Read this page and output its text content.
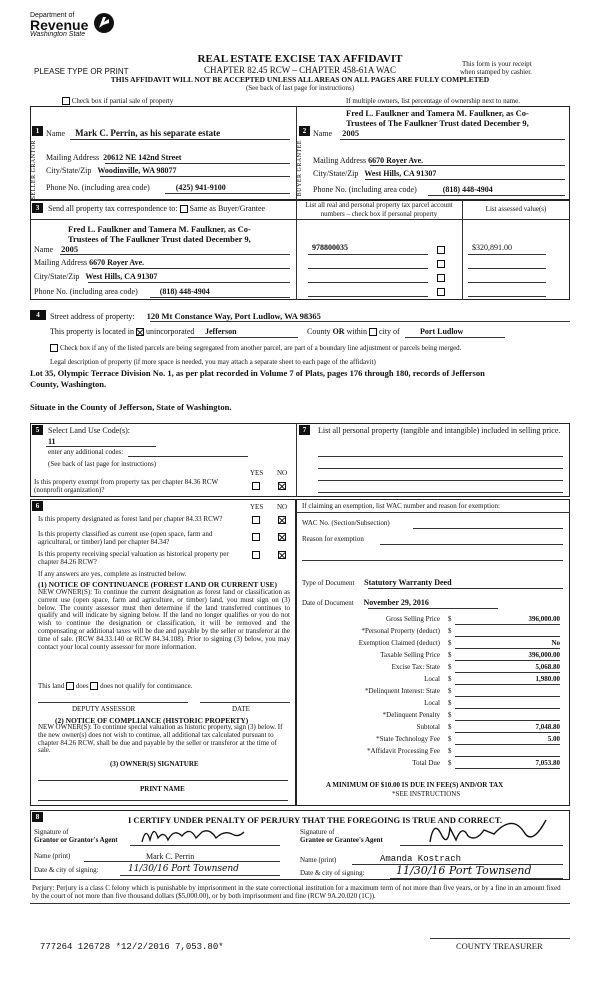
Department of
Revenue
Washington State
REAL ESTATE EXCISE TAX AFFIDAVIT
PLEASE TYPE OR PRINT	CHAPTER 82.45 RCW – CHAPTER 458-61A WAC
This form is your receipt
when stamped by cashier.
THIS AFFIDAVIT WILL NOT BE ACCEPTED UNLESS ALL AREAS ON ALL PAGES ARE FULLY COMPLETED
(See back of last page for instructions)
Check box if partial sale of property	If multiple owners, list percentage of ownership next to name.
SELLER GRANTOR
1 Name Mark C. Perrin, as his separate estate
Mailing Address 20612 NE 142nd Street
City/State/Zip Woodinville, WA 98077
Phone No. (including area code)	(425) 941-9100	BUYER GRANTEE
2
Fred L. Faulkner and Tamera M. Faulkner, as Co-
Trustees of The Faulkner Trust dated December 9,
Name 2005
Mailing Address 6670 Royer Ave.
City/State/Zip West Hills, CA 91307
Phone No. (including area code)	(818) 448-4904
3	Send all property tax correspondence to: Same as Buyer/Grantee	List all real and personal property tax parcel account numbers – check box if personal property
List assessed value(s)
Fred L. Faulkner and Tamera M. Faulkner, as Co-
Trustees of The Faulkner Trust dated December 9,
Name 2005
Mailing Address 6670 Royer Ave.
City/State/Zip West Hills, CA 91307
Phone No. (including area code)	(818) 448-4904
978800035	$320,891.00
4	Street address of property: 120 Mt Constance Way, Port Ludlow, WA 98365
This property is located in unincorporated Jefferson	County OR within city of	Port Ludlow
Check box if any of the listed parcels are being segregated from another parcel, are part of a boundary line adjustment or parcels being merged.
Legal description of property (if more space is needed, you may attach a separate sheet to each page of the affidavit)
Lot 35, Olympic Terrace Division No. 1, as per plat recorded in Volume 7 of Plats, pages 176 through 180, records of Jefferson
County, Washington.
Situate in the County of Jefferson, State of Washington.
5	Select Land Use Code(s):
11
enter any additional codes:
(See back of last page for instructions)
YES NO
Is this property exempt from property tax per chapter 84.36 RCW (nonprofit organization)?
7	List all personal property (tangible and intangible) included in selling price.
6	YES NO
Is this property designated as forest land per chapter 84.33 RCW?
Is this property classified as current use (open space, farm and agricultural, or timber) land per chapter 84.34?
Is this property receiving special valuation as historical property per chapter 84.26 RCW?
If any answers are yes, complete as instructed below.
(1) NOTICE OF CONTINUANCE (FOREST LAND OR CURRENT USE)
NEW OWNER(S): To continue the current designation as forest land or classification as current use (open space, farm and agriculture, or timber) land, you must sign on (3) below. The county assessor must then determine if the land transferred continues to qualify and will indicate by signing below. If the land no longer qualifies or you do not wish to continue the designation or classification, it will be removed and the compensating or additional taxes will be due and payable by the seller or transferor at the time of sale. (RCW 84.33.140 or RCW 84.34.108). Prior to signing (3) below, you may contact your local county assessor for more information.
This land does does not qualify for continuance.
DEPUTY ASSESSOR	DATE
(2) NOTICE OF COMPLIANCE (HISTORIC PROPERTY)
NEW OWNER(S): To continue special valuation as historic property, sign (3) below. If the new owner(s) does not wish to continue, all additional tax calculated pursuant to chapter 84.26 RCW, shall be due and payable by the seller or transferor at the time of sale.
(3) OWNER(S) SIGNATURE
PRINT NAME
If claiming an exemption, list WAC number and reason for exemption:
WAC No. (Section/Subsection)
Reason for exemption
Type of Document Statutory Warranty Deed
Date of Document November 29, 2016
Gross Selling Price $	396,000.00
*Personal Property (deduct) $
Exemption Claimed (deduct) $	No
Taxable Selling Price $	396,000.00
Excise Tax: State $	5,068.80
Local $	1,980.00
*Delinquent Interest: State $
Local $
*Delinquent Penalty $
Subtotal $	7,048.80
*State Technology Fee $	5.00
*Affidavit Processing Fee $
Total Due $	7,053.80
A MINIMUM OF $10.00 IS DUE IN FEE(S) AND/OR TAX
*SEE INSTRUCTIONS
8	I CERTIFY UNDER PENALTY OF PERJURY THAT THE FOREGOING IS TRUE AND CORRECT.
Signature of
Grantor or Grantor's Agent
Name (print)	Mark C. Perrin
Date & city of signing:	11/30/16 Port Townsend
Signature of
Grantee or Grantee's Agent
Name (print)	Amanda Kostrach
Date & city of signing:	11/30/16 Port Townsend
Perjury: Perjury is a class C felony which is punishable by imprisonment in the state correctional institution for a maximum term of not more than five years, or by a fine in an amount fixed by the court of not more than five thousand dollars ($5,000.00), or by both imprisonment and fine (RCW 9A.20.020 (1C)).
777264 126728 *12/2/2016 7,053.80*	COUNTY TREASURER
